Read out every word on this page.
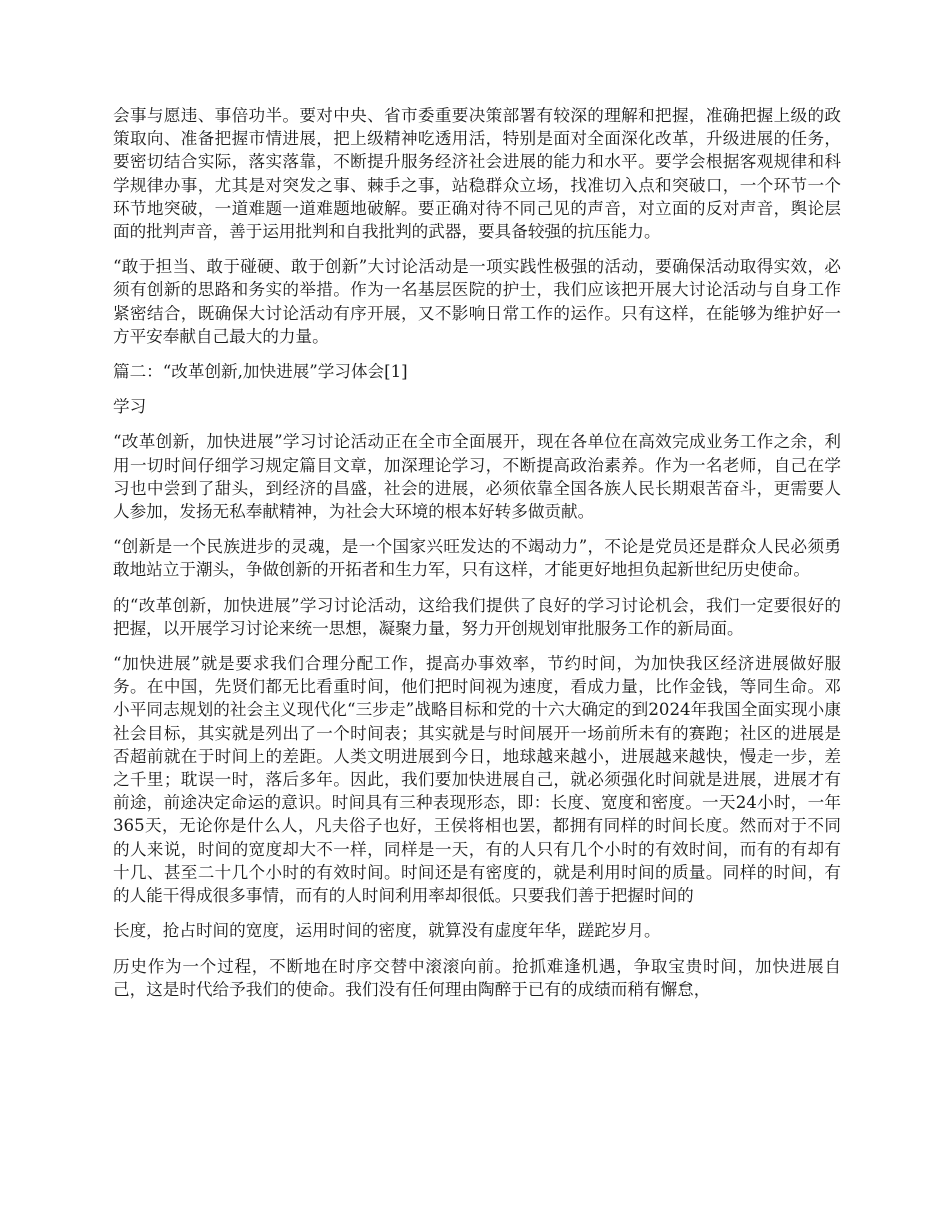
会事与愿违、事倍功半。要对中央、省市委重要决策部署有较深的理解和把握，准确把握上级的政策取向、准备把握市情进展，把上级精神吃透用活，特别是面对全面深化改革，升级进展的任务，要密切结合实际，落实落靠，不断提升服务经济社会进展的能力和水平。要学会根据客观规律和科学规律办事，尤其是对突发之事、棘手之事，站稳群众立场，找准切入点和突破口，一个环节一个环节地突破，一道难题一道难题地破解。要正确对待不同己见的声音，对立面的反对声音，舆论层面的批判声音，善于运用批判和自我批判的武器，要具备较强的抗压能力。

“敢于担当、敢于碰硬、敢于创新”大讨论活动是一项实践性极强的活动，要确保活动取得实效，必须有创新的思路和务实的举措。作为一名基层医院的护士，我们应该把开展大讨论活动与自身工作紧密结合，既确保大讨论活动有序开展，又不影响日常工作的运作。只有这样，在能够为维护好一方平安奉献自己最大的力量。

篇二：“改革创新,加快进展”学习体会[1]

学习

“改革创新，加快进展”学习讨论活动正在全市全面展开，现在各单位在高效完成业务工作之余，利用一切时间仔细学习规定篇目文章，加深理论学习，不断提高政治素养。作为一名老师，自己在学习也中尝到了甜头，到经济的昌盛，社会的进展，必须依靠全国各族人民长期艰苦奋斗，更需要人人参加，发扬无私奉献精神，为社会大环境的根本好转多做贡献。

“创新是一个民族进步的灵魂，是一个国家兴旺发达的不竭动力”，不论是党员还是群众人民必须勇敢地站立于潮头，争做创新的开拓者和生力军，只有这样，才能更好地担负起新世纪历史使命。

的“改革创新，加快进展”学习讨论活动，这给我们提供了良好的学习讨论机会，我们一定要很好的把握，以开展学习讨论来统一思想，凝聚力量，努力开创规划审批服务工作的新局面。

“加快进展”就是要求我们合理分配工作，提高办事效率，节约时间，为加快我区经济进展做好服务。在中国，先贤们都无比看重时间，他们把时间视为速度，看成力量，比作金钱，等同生命。邓小平同志规划的社会主义现代化“三步走”战略目标和党的十六大确定的到2024年我国全面实现小康社会目标，其实就是列出了一个时间表；其实就是与时间展开一场前所未有的赛跑；社区的进展是否超前就在于时间上的差距。人类文明进展到今日，地球越来越小，进展越来越快，慢走一步，差之千里；耽误一时，落后多年。因此，我们要加快进展自己，就必须强化时间就是进展，进展才有前途，前途决定命运的意识。时间具有三种表现形态，即：长度、宽度和密度。一天24小时，一年365天，无论你是什么人，凡夫俗子也好，王侯将相也罢，都拥有同样的时间长度。然而对于不同的人来说，时间的宽度却大不一样，同样是一天，有的人只有几个小时的有效时间，而有的有却有十几、甚至二十几个小时的有效时间。时间还是有密度的，就是利用时间的质量。同样的时间，有的人能干得成很多事情，而有的人时间利用率却很低。只要我们善于把握时间的

长度，抢占时间的宽度，运用时间的密度，就算没有虚度年华，蹉跎岁月。

历史作为一个过程，不断地在时序交替中滚滚向前。抢抓难逢机遇，争取宝贵时间，加快进展自己，这是时代给予我们的使命。我们没有任何理由陶醉于已有的成绩而稍有懈怠，
